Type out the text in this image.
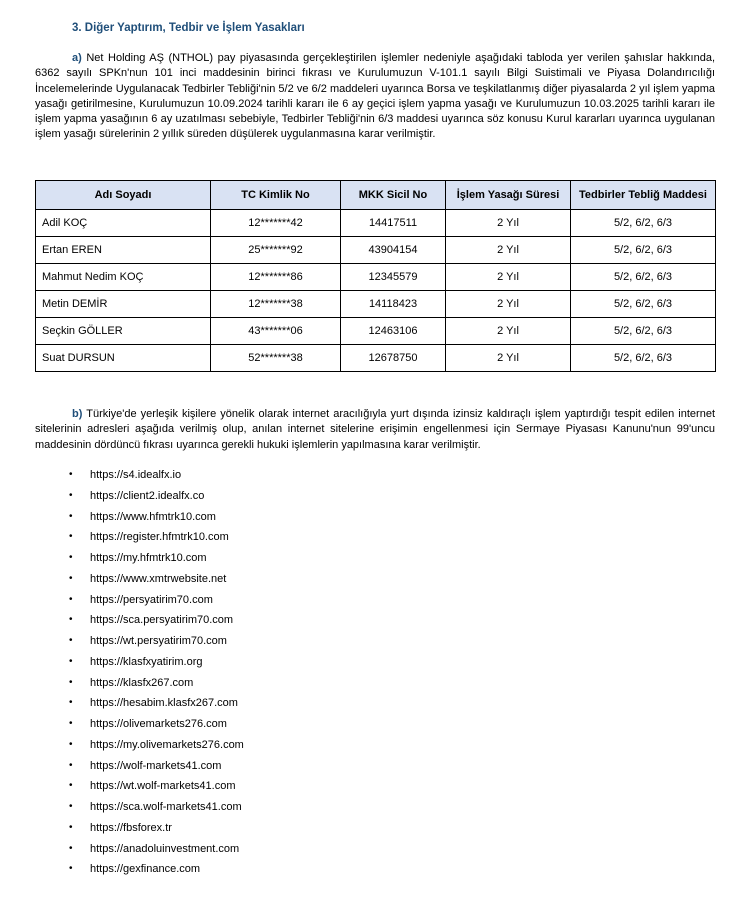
3. Diğer Yaptırım, Tedbir ve İşlem Yasakları

a) Net Holding AŞ (NTHOL) pay piyasasında gerçekleştirilen işlemler nedeniyle aşağıdaki tabloda yer verilen şahıslar hakkında, 6362 sayılı SPKn'nun 101 inci maddesinin birinci fıkrası ve Kurulumuzun V-101.1 sayılı Bilgi Suistimali ve Piyasa Dolandırıcılığı İncelemelerinde Uygulanacak Tedbirler Tebliği'nin 5/2 ve 6/2 maddeleri uyarınca Borsa ve teşkilatlanmış diğer piyasalarda 2 yıl işlem yapma yasağı getirilmesine, Kurulumuzun 10.09.2024 tarihli kararı ile 6 ay geçici işlem yapma yasağı ve Kurulumuzun 10.03.2025 tarihli kararı ile işlem yapma yasağının 6 ay uzatılması sebebiyle, Tedbirler Tebliği'nin 6/3 maddesi uyarınca söz konusu Kurul kararları uyarınca uygulanan işlem yasağı sürelerinin 2 yıllık süreden düşülerek uygulanmasına karar verilmiştir.

Adı Soyadı	TC Kimlik No	MKK Sicil No	İşlem Yasağı Süresi	Tedbirler Tebliğ Maddesi
Adil KOÇ	12*******42	14417511	2 Yıl	5/2, 6/2, 6/3
Ertan EREN	25*******92	43904154	2 Yıl	5/2, 6/2, 6/3
Mahmut Nedim KOÇ	12*******86	12345579	2 Yıl	5/2, 6/2, 6/3
Metin DEMİR	12*******38	14118423	2 Yıl	5/2, 6/2, 6/3
Seçkin GÖLLER	43*******06	12463106	2 Yıl	5/2, 6/2, 6/3
Suat DURSUN	52*******38	12678750	2 Yıl	5/2, 6/2, 6/3

b) Türkiye'de yerleşik kişilere yönelik olarak internet aracılığıyla yurt dışında izinsiz kaldıraçlı işlem yaptırdığı tespit edilen internet sitelerinin adresleri aşağıda verilmiş olup, anılan internet sitelerine erişimin engellenmesi için Sermaye Piyasası Kanunu'nun 99'uncu maddesinin dördüncü fıkrası uyarınca gerekli hukuki işlemlerin yapılmasına karar verilmiştir.

• https://s4.idealfx.io
• https://client2.idealfx.co
• https://www.hfmtrk10.com
• https://register.hfmtrk10.com
• https://my.hfmtrk10.com
• https://www.xmtrwebsite.net
• https://persyatirim70.com
• https://sca.persyatirim70.com
• https://wt.persyatirim70.com
• https://klasfxyatirim.org
• https://klasfx267.com
• https://hesabim.klasfx267.com
• https://olivemarkets276.com
• https://my.olivemarkets276.com
• https://wolf-markets41.com
• https://wt.wolf-markets41.com
• https://sca.wolf-markets41.com
• https://fbsforex.tr
• https://anadoluinvestment.com
• https://gexfinance.com
